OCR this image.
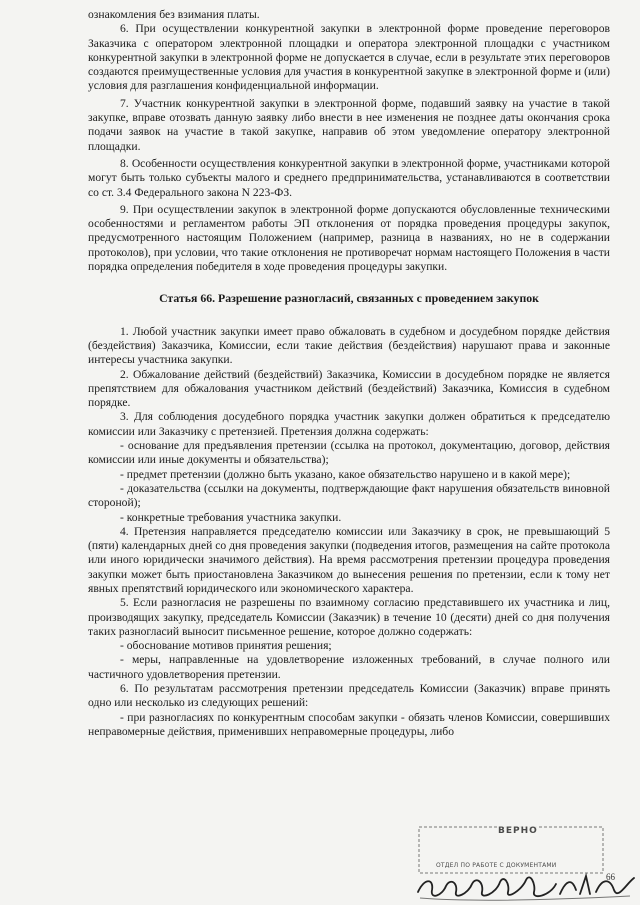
ознакомления без взимания платы.

6. При осуществлении конкурентной закупки в электронной форме проведение переговоров Заказчика с оператором электронной площадки и оператора электронной площадки с участником конкурентной закупки в электронной форме не допускается в случае, если в результате этих переговоров создаются преимущественные условия для участия в конкурентной закупке в электронной форме и (или) условия для разглашения конфиденциальной информации.

7. Участник конкурентной закупки в электронной форме, подавший заявку на участие в такой закупке, вправе отозвать данную заявку либо внести в нее изменения не позднее даты окончания срока подачи заявок на участие в такой закупке, направив об этом уведомление оператору электронной площадки.

8. Особенности осуществления конкурентной закупки в электронной форме, участниками которой могут быть только субъекты малого и среднего предпринимательства, устанавливаются в соответствии со ст. 3.4 Федерального закона N 223-ФЗ.

9. При осуществлении закупок в электронной форме допускаются обусловленные техническими особенностями и регламентом работы ЭП отклонения от порядка проведения процедуры закупок, предусмотренного настоящим Положением (например, разница в названиях, но не в содержании протоколов), при условии, что такие отклонения не противоречат нормам настоящего Положения в части порядка определения победителя в ходе проведения процедуры закупки.

Статья 66. Разрешение разногласий, связанных с проведением закупок

1. Любой участник закупки имеет право обжаловать в судебном и досудебном порядке действия (бездействия) Заказчика, Комиссии, если такие действия (бездействия) нарушают права и законные интересы участника закупки.

2. Обжалование действий (бездействий) Заказчика, Комиссии в досудебном порядке не является препятствием для обжалования участником действий (бездействий) Заказчика, Комиссия в судебном порядке.

3. Для соблюдения досудебного порядка участник закупки должен обратиться к председателю комиссии или Заказчику с претензией. Претензия должна содержать:

- основание для предъявления претензии (ссылка на протокол, документацию, договор, действия комиссии или иные документы и обязательства);

- предмет претензии (должно быть указано, какое обязательство нарушено и в какой мере);

- доказательства (ссылки на документы, подтверждающие факт нарушения обязательств виновной стороной);

- конкретные требования участника закупки.

4. Претензия направляется председателю комиссии или Заказчику в срок, не превышающий 5 (пяти) календарных дней со дня проведения закупки (подведения итогов, размещения на сайте протокола или иного юридически значимого действия). На время рассмотрения претензии процедура проведения закупки может быть приостановлена Заказчиком до вынесения решения по претензии, если к тому нет явных препятствий юридического или экономического характера.

5. Если разногласия не разрешены по взаимному согласию представившего их участника и лиц, производящих закупку, председатель Комиссии (Заказчик) в течение 10 (десяти) дней со дня получения таких разногласий выносит письменное решение, которое должно содержать:

- обоснование мотивов принятия решения;

- меры, направленные на удовлетворение изложенных требований, в случае полного или частичного удовлетворения претензии.

6. По результатам рассмотрения претензии председатель Комиссии (Заказчик) вправе принять одно или несколько из следующих решений:

- при разногласиях по конкурентным способам закупки - обязать членов Комиссии, совершивших неправомерные действия, применивших неправомерные процедуры, либо

ВЕРНО
ОТДЕЛ ПО РАБОТЕ С ДОКУМЕНТАМИ
66
